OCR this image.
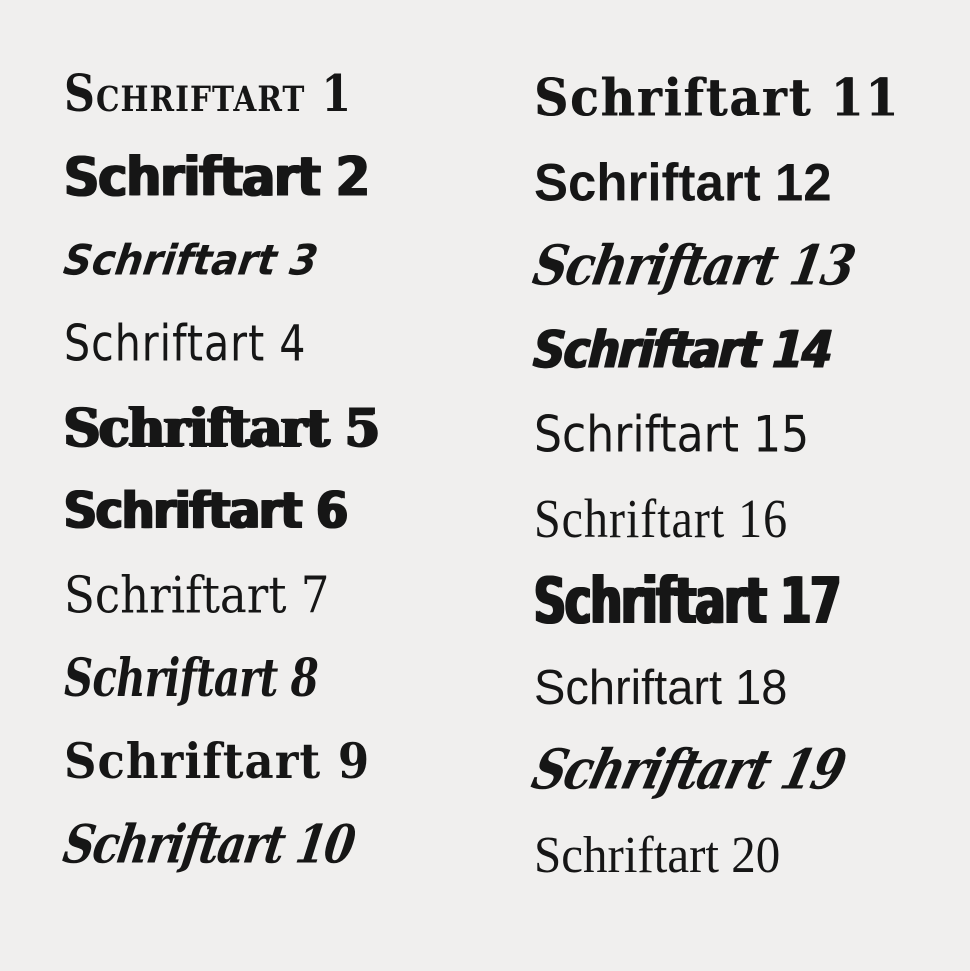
Schriftart 1
Schriftart 2
Schriftart 3
Schriftart 4
Schriftart 5
Schriftart 6
Schriftart 7
Schriftart 8
Schriftart 9
Schriftart 10
Schriftart 11
Schriftart 12
Schriftart 13
Schriftart 14
Schriftart 15
Schriftart 16
Schriftart 17
Schriftart 18
Schriftart 19
Schriftart 20
